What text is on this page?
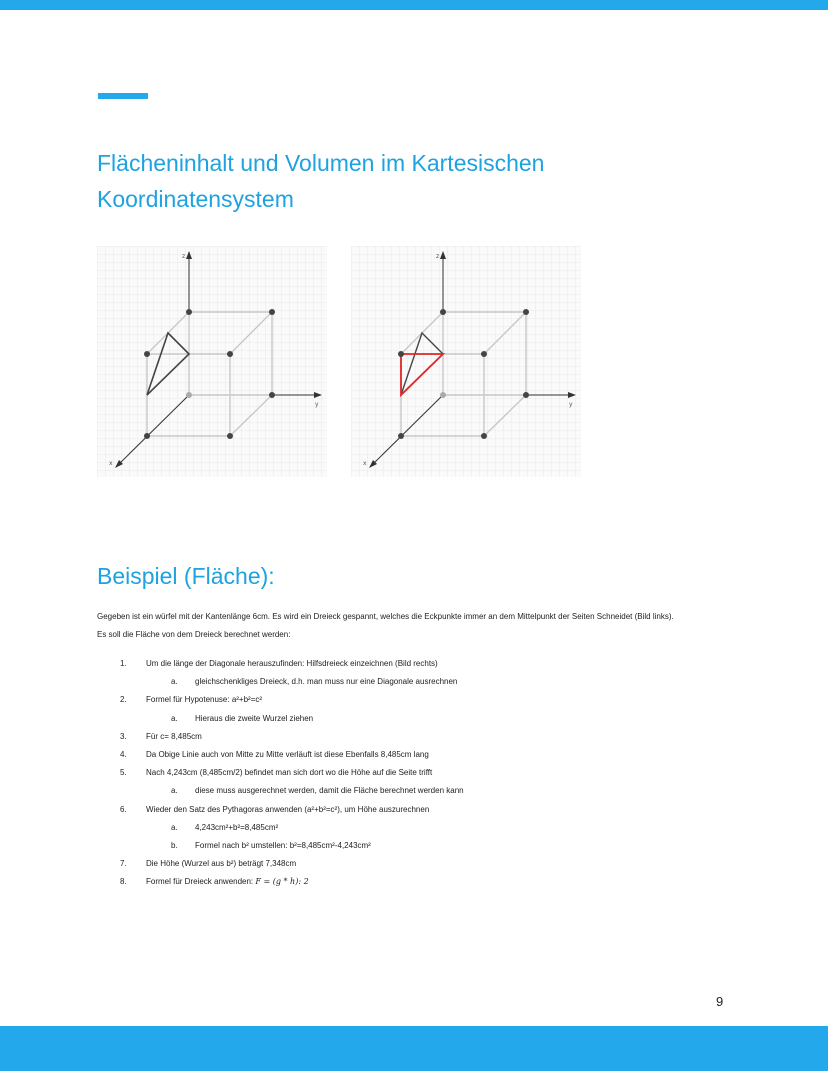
Flächeninhalt und Volumen im Kartesischen Koordinatensystem
z
y
x
z
y
x
Beispiel (Fläche):

Gegeben ist ein würfel mit der Kantenlänge 6cm. Es wird ein Dreieck gespannt, welches die Eckpunkte immer an dem Mittelpunkt der Seiten Schneidet (Bild links).

Es soll die Fläche von dem Dreieck berechnet werden:

1. Um die länge der Diagonale herauszufinden: Hilfsdreieck einzeichnen (Bild rechts)
a. gleichschenkliges Dreieck, d.h. man muss nur eine Diagonale ausrechnen
2. Formel für Hypotenuse: a²+b²=c²
a. Hieraus die zweite Wurzel ziehen
3. Für c= 8,485cm
4. Da Obige Linie auch von Mitte zu Mitte verläuft ist diese Ebenfalls 8,485cm lang
5. Nach 4,243cm (8,485cm/2) befindet man sich dort wo die Höhe auf die Seite trifft
a. diese muss ausgerechnet werden, damit die Fläche berechnet werden kann
6. Wieder den Satz des Pythagoras anwenden (a²+b²=c²), um Höhe auszurechnen
a. 4,243cm²+b²=8,485cm²
b. Formel nach b² umstellen: b²=8,485cm²-4,243cm²
7. Die Höhe (Wurzel aus b²) beträgt 7,348cm
8. Formel für Dreieck anwenden: F = (g * h): 2
9
